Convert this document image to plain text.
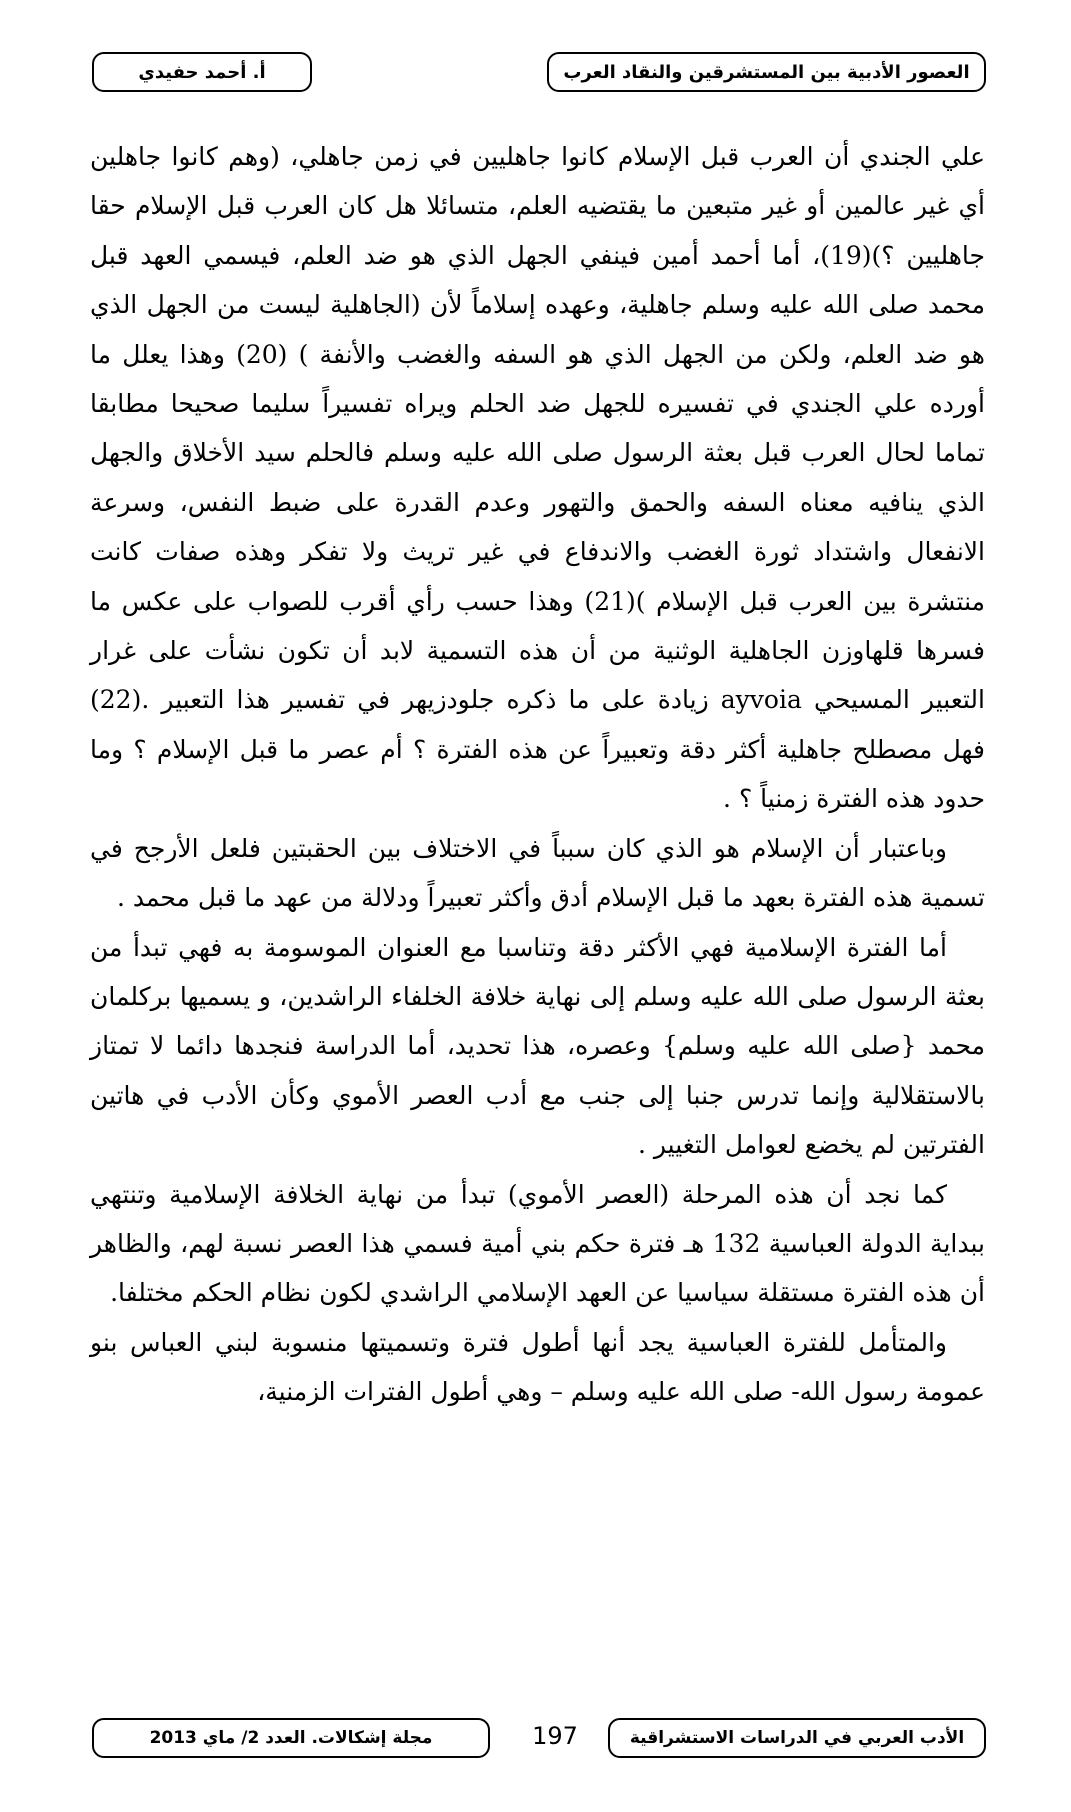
العصور الأدبية بين المستشرقين والنقاد العرب
أ. أحمد حفيدي

علي الجندي أن العرب قبل الإسلام كانوا جاهليين في زمن جاهلي، (وهم كانوا جاهلين أي غير عالمين أو غير متبعين ما يقتضيه العلم، متسائلا هل كان العرب قبل الإسلام حقا جاهليين ؟)(19)، أما أحمد أمين فينفي الجهل الذي هو ضد العلم، فيسمي العهد قبل محمد صلى الله عليه وسلم جاهلية، وعهده إسلاماً لأن (الجاهلية ليست من الجهل الذي هو ضد العلم، ولكن من الجهل الذي هو السفه والغضب والأنفة ) (20) وهذا يعلل ما أورده علي الجندي في تفسيره للجهل ضد الحلم ويراه تفسيراً سليما صحيحا مطابقا تماما لحال العرب قبل بعثة الرسول صلى الله عليه وسلم فالحلم سيد الأخلاق والجهل الذي ينافيه معناه السفه والحمق والتهور وعدم القدرة على ضبط النفس، وسرعة الانفعال واشتداد ثورة الغضب والاندفاع في غير تريث ولا تفكر وهذه صفات كانت منتشرة بين العرب قبل الإسلام )(21) وهذا حسب رأي أقرب للصواب على عكس ما فسرها قلهاوزن الجاهلية الوثنية من أن هذه التسمية لابد أن تكون نشأت على غرار التعبير المسيحي ayvoia زيادة على ما ذكره جلودزيهر في تفسير هذا التعبير .(22) فهل مصطلح جاهلية أكثر دقة وتعبيراً عن هذه الفترة ؟ أم عصر ما قبل الإسلام ؟ وما حدود هذه الفترة زمنياً ؟ .

وباعتبار أن الإسلام هو الذي كان سبباً في الاختلاف بين الحقبتين فلعل الأرجح في تسمية هذه الفترة بعهد ما قبل الإسلام أدق وأكثر تعبيراً ودلالة من عهد ما قبل محمد .

أما الفترة الإسلامية فهي الأكثر دقة وتناسبا مع العنوان الموسومة به فهي تبدأ من بعثة الرسول صلى الله عليه وسلم إلى نهاية خلافة الخلفاء الراشدين، و يسميها بركلمان محمد {صلى الله عليه وسلم} وعصره، هذا تحديد، أما الدراسة فنجدها دائما لا تمتاز بالاستقلالية وإنما تدرس جنبا إلى جنب مع أدب العصر الأموي وكأن الأدب في هاتين الفترتين لم يخضع لعوامل التغيير .

كما نجد أن هذه المرحلة (العصر الأموي) تبدأ من نهاية الخلافة الإسلامية وتنتهي ببداية الدولة العباسية 132 هـ فترة حكم بني أمية فسمي هذا العصر نسبة لهم، والظاهر أن هذه الفترة مستقلة سياسيا عن العهد الإسلامي الراشدي لكون نظام الحكم مختلفا.

والمتأمل للفترة العباسية يجد أنها أطول فترة وتسميتها منسوبة لبني العباس بنو عمومة رسول الله- صلى الله عليه وسلم – وهي أطول الفترات الزمنية،

مجلة إشكالات. العدد 2/ ماي 2013	197	الأدب العربي في الدراسات الاستشراقية
